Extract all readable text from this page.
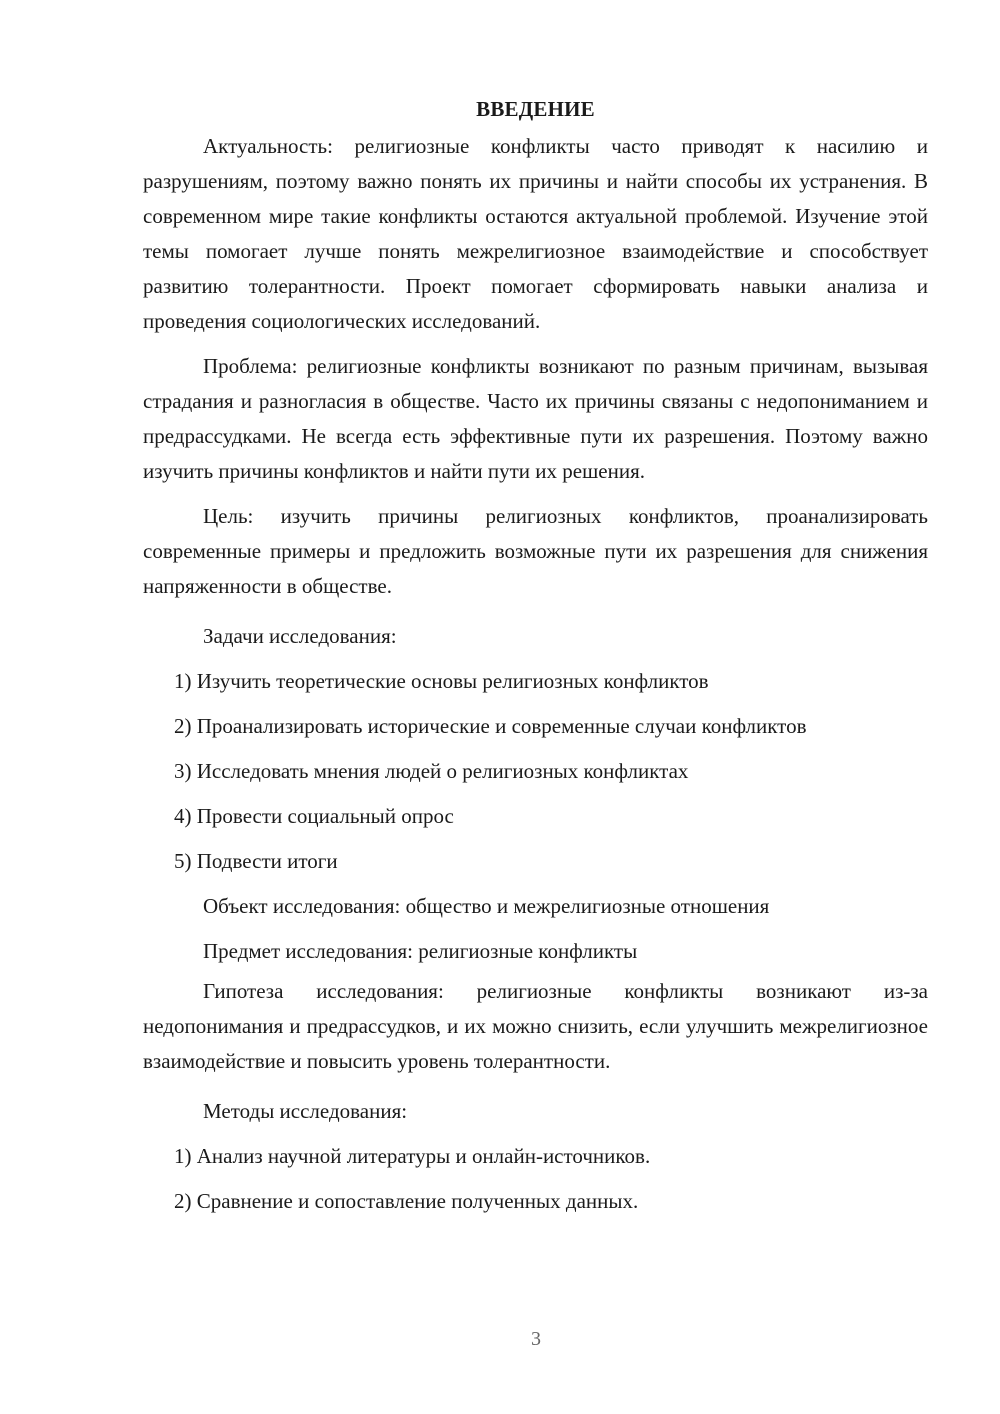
ВВЕДЕНИЕ

Актуальность: религиозные конфликты часто приводят к насилию и разрушениям, поэтому важно понять их причины и найти способы их устранения. В современном мире такие конфликты остаются актуальной проблемой. Изучение этой темы помогает лучше понять межрелигиозное взаимодействие и способствует развитию толерантности. Проект помогает сформировать навыки анализа и проведения социологических исследований.

Проблема: религиозные конфликты возникают по разным причинам, вызывая страдания и разногласия в обществе. Часто их причины связаны с недопониманием и предрассудками. Не всегда есть эффективные пути их разрешения. Поэтому важно изучить причины конфликтов и найти пути их решения.

Цель: изучить причины религиозных конфликтов, проанализировать современные примеры и предложить возможные пути их разрешения для снижения напряженности в обществе.

Задачи исследования:

1) Изучить теоретические основы религиозных конфликтов

2) Проанализировать исторические и современные случаи конфликтов

3) Исследовать мнения людей о религиозных конфликтах

4) Провести социальный опрос

5) Подвести итоги

Объект исследования: общество и межрелигиозные отношения

Предмет исследования: религиозные конфликты

Гипотеза исследования: религиозные конфликты возникают из-за недопонимания и предрассудков, и их можно снизить, если улучшить межрелигиозное взаимодействие и повысить уровень толерантности.

Методы исследования:

1) Анализ научной литературы и онлайн-источников.

2) Сравнение и сопоставление полученных данных.

3
